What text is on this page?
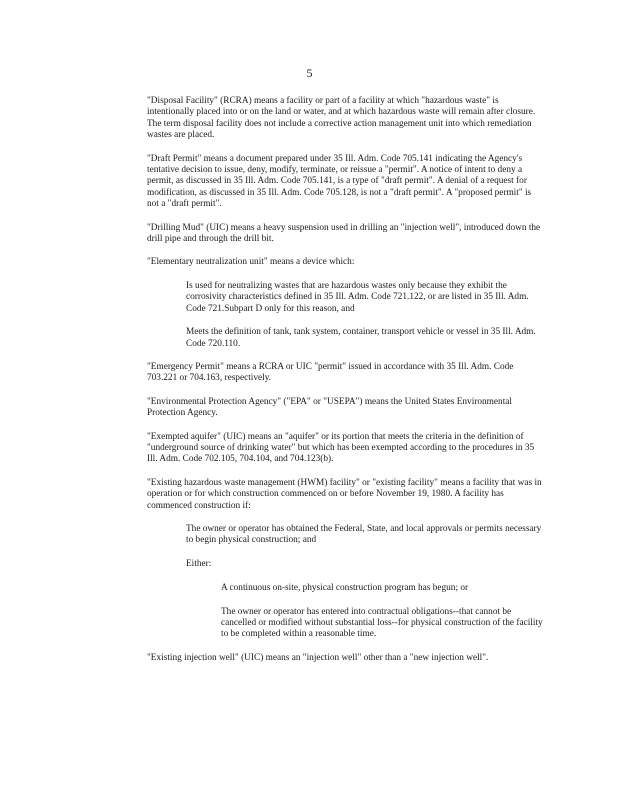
5

"Disposal Facility" (RCRA) means a facility or part of a facility at which "hazardous waste" is intentionally placed into or on the land or water, and at which hazardous waste will remain after closure. The term disposal facility does not include a corrective action management unit into which remediation wastes are placed.

"Draft Permit" means a document prepared under 35 Ill. Adm. Code 705.141 indicating the Agency's tentative decision to issue, deny, modify, terminate, or reissue a "permit". A notice of intent to deny a permit, as discussed in 35 Ill. Adm. Code 705.141, is a type of "draft permit". A denial of a request for modification, as discussed in 35 Ill. Adm. Code 705.128, is not a "draft permit". A "proposed permit" is not a "draft permit".

"Drilling Mud" (UIC) means a heavy suspension used in drilling an "injection well", introduced down the drill pipe and through the drill bit.

"Elementary neutralization unit" means a device which:

Is used for neutralizing wastes that are hazardous wastes only because they exhibit the corrosivity characteristics defined in 35 Ill. Adm. Code 721.122, or are listed in 35 Ill. Adm. Code 721.Subpart D only for this reason, and

Meets the definition of tank, tank system, container, transport vehicle or vessel in 35 Ill. Adm. Code 720.110.

"Emergency Permit" means a RCRA or UIC "permit" issued in accordance with 35 Ill. Adm. Code 703.221 or 704.163, respectively.

"Environmental Protection Agency" ("EPA" or "USEPA") means the United States Environmental Protection Agency.

"Exempted aquifer" (UIC) means an "aquifer" or its portion that meets the criteria in the definition of "underground source of drinking water" but which has been exempted according to the procedures in 35 Ill. Adm. Code 702.105, 704.104, and 704.123(b).

"Existing hazardous waste management (HWM) facility" or "existing facility" means a facility that was in operation or for which construction commenced on or before November 19, 1980. A facility has commenced construction if:

The owner or operator has obtained the Federal, State, and local approvals or permits necessary to begin physical construction; and

Either:

A continuous on-site, physical construction program has begun; or

The owner or operator has entered into contractual obligations--that cannot be cancelled or modified without substantial loss--for physical construction of the facility to be completed within a reasonable time.

"Existing injection well" (UIC) means an "injection well" other than a "new injection well".
